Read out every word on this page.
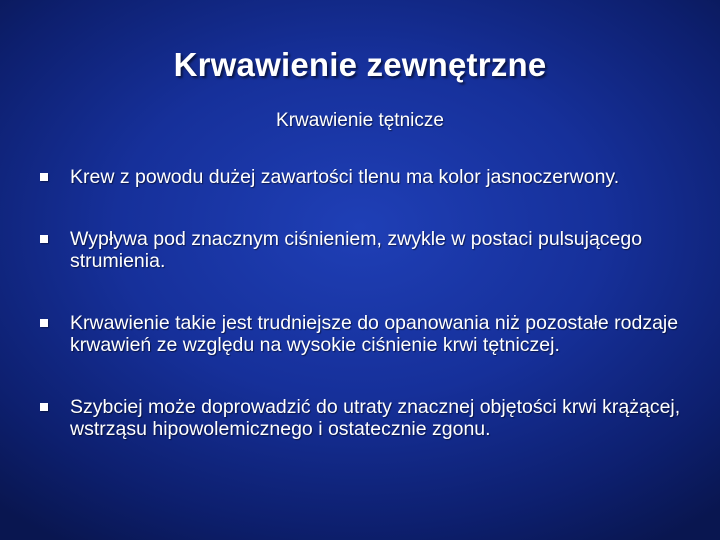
Krwawienie zewnętrzne
Krwawienie tętnicze
Krew z powodu dużej zawartości tlenu ma kolor jasnoczerwony.
Wypływa pod znacznym ciśnieniem, zwykle w postaci pulsującego strumienia.
Krwawienie takie jest trudniejsze do opanowania niż pozostałe rodzaje krwawień ze względu na wysokie ciśnienie krwi tętniczej.
Szybciej może doprowadzić do utraty znacznej objętości krwi krążącej, wstrząsu hipowolemicznego i ostatecznie zgonu.
